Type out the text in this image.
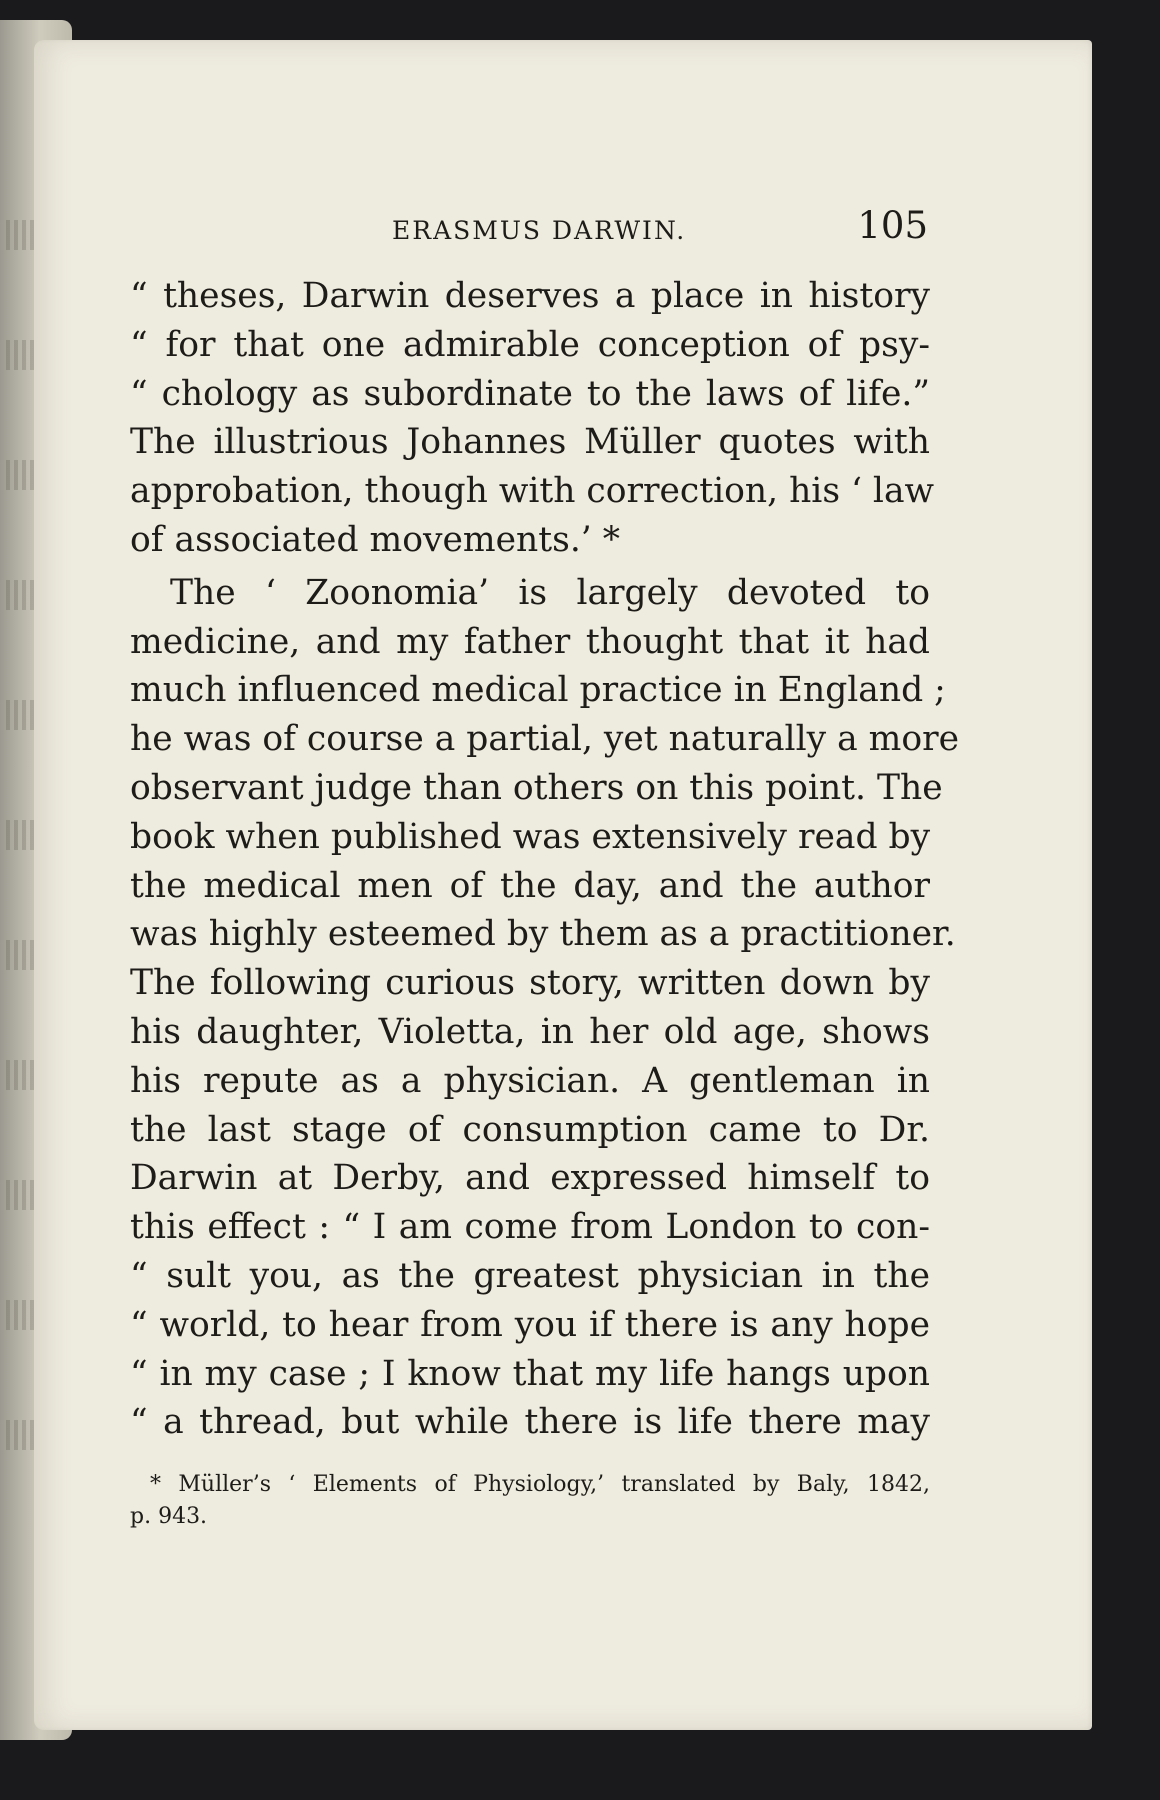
ERASMUS DARWIN.	105
“ theses, Darwin deserves a place in history
“ for that one admirable conception of psy-
“ chology as subordinate to the laws of life.”
The illustrious Johannes Müller quotes with
approbation, though with correction, his ‘ law
of associated movements.’ *
The ‘ Zoonomia’ is largely devoted to
medicine, and my father thought that it had
much influenced medical practice in England ;
he was of course a partial, yet naturally a more
observant judge than others on this point. The
book when published was extensively read by
the medical men of the day, and the author
was highly esteemed by them as a practitioner.
The following curious story, written down by
his daughter, Violetta, in her old age, shows
his repute as a physician. A gentleman in
the last stage of consumption came to Dr.
Darwin at Derby, and expressed himself to
this effect : “ I am come from London to con-
“ sult you, as the greatest physician in the
“ world, to hear from you if there is any hope
“ in my case ; I know that my life hangs upon
“ a thread, but while there is life there may
* Müller’s ‘ Elements of Physiology,’ translated by Baly, 1842,
p. 943.
